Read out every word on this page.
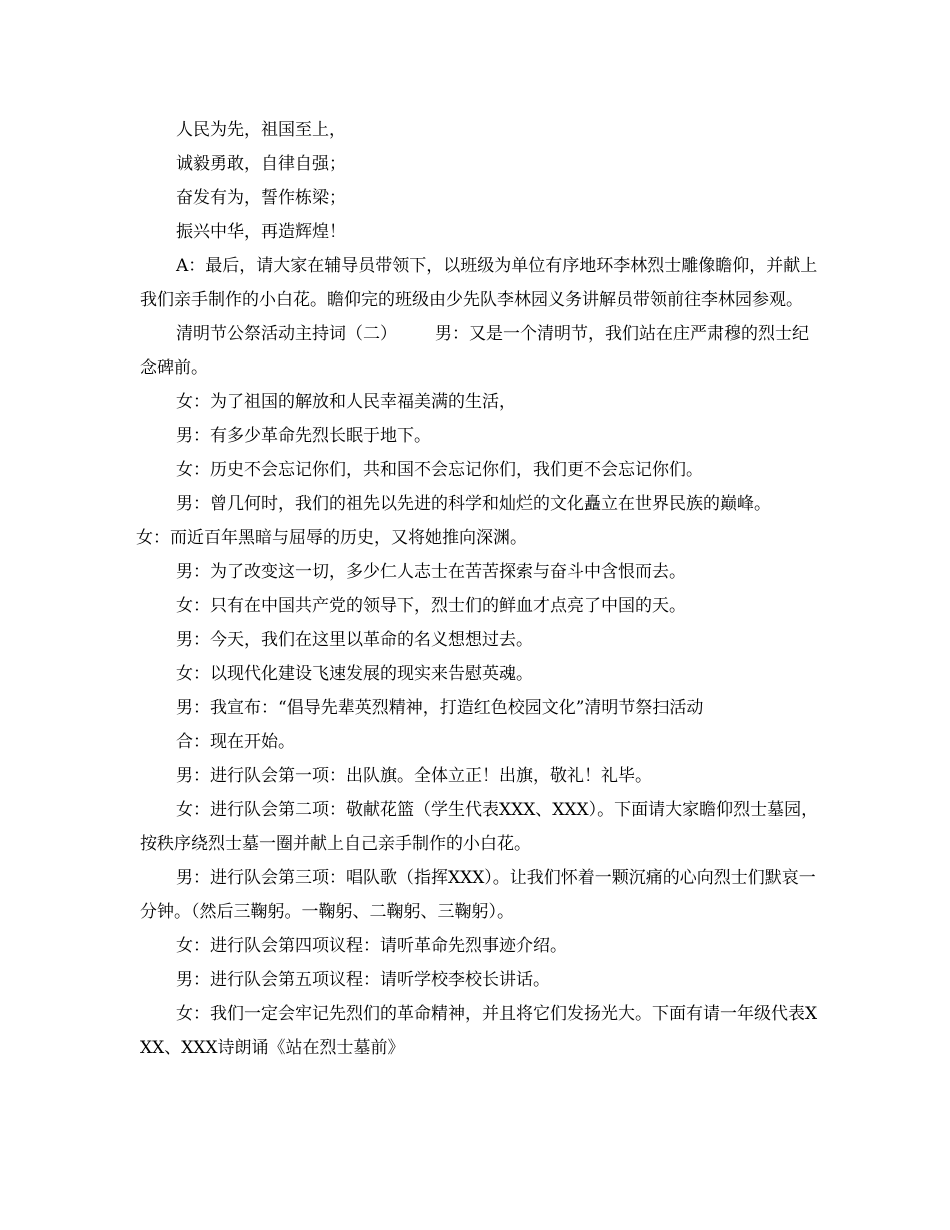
人民为先，祖国至上，

诚毅勇敢，自律自强；

奋发有为，誓作栋梁；

振兴中华，再造辉煌！

A：最后，请大家在辅导员带领下，以班级为单位有序地环李林烈士雕像瞻仰，并献上我们亲手制作的小白花。瞻仰完的班级由少先队李林园义务讲解员带领前往李林园参观。

清明节公祭活动主持词（二） 男：又是一个清明节，我们站在庄严肃穆的烈士纪念碑前。

女：为了祖国的解放和人民幸福美满的生活，

男：有多少革命先烈长眠于地下。

女：历史不会忘记你们，共和国不会忘记你们，我们更不会忘记你们。

男：曾几何时，我们的祖先以先进的科学和灿烂的文化矗立在世界民族的巅峰。

女：而近百年黑暗与屈辱的历史，又将她推向深渊。

男：为了改变这一切，多少仁人志士在苦苦探索与奋斗中含恨而去。

女：只有在中国共产党的领导下，烈士们的鲜血才点亮了中国的天。

男：今天，我们在这里以革命的名义想想过去。

女：以现代化建设飞速发展的现实来告慰英魂。

男：我宣布：“倡导先辈英烈精神，打造红色校园文化”清明节祭扫活动

合：现在开始。

男：进行队会第一项：出队旗。全体立正！出旗，敬礼！礼毕。

女：进行队会第二项：敬献花篮（学生代表XXX、XXX）。下面请大家瞻仰烈士墓园，按秩序绕烈士墓一圈并献上自己亲手制作的小白花。

男：进行队会第三项：唱队歌（指挥XXX）。让我们怀着一颗沉痛的心向烈士们默哀一分钟。（然后三鞠躬。一鞠躬、二鞠躬、三鞠躬）。

女：进行队会第四项议程：请听革命先烈事迹介绍。

男：进行队会第五项议程：请听学校李校长讲话。

女：我们一定会牢记先烈们的革命精神，并且将它们发扬光大。下面有请一年级代表XXX、XXX诗朗诵《站在烈士墓前》
